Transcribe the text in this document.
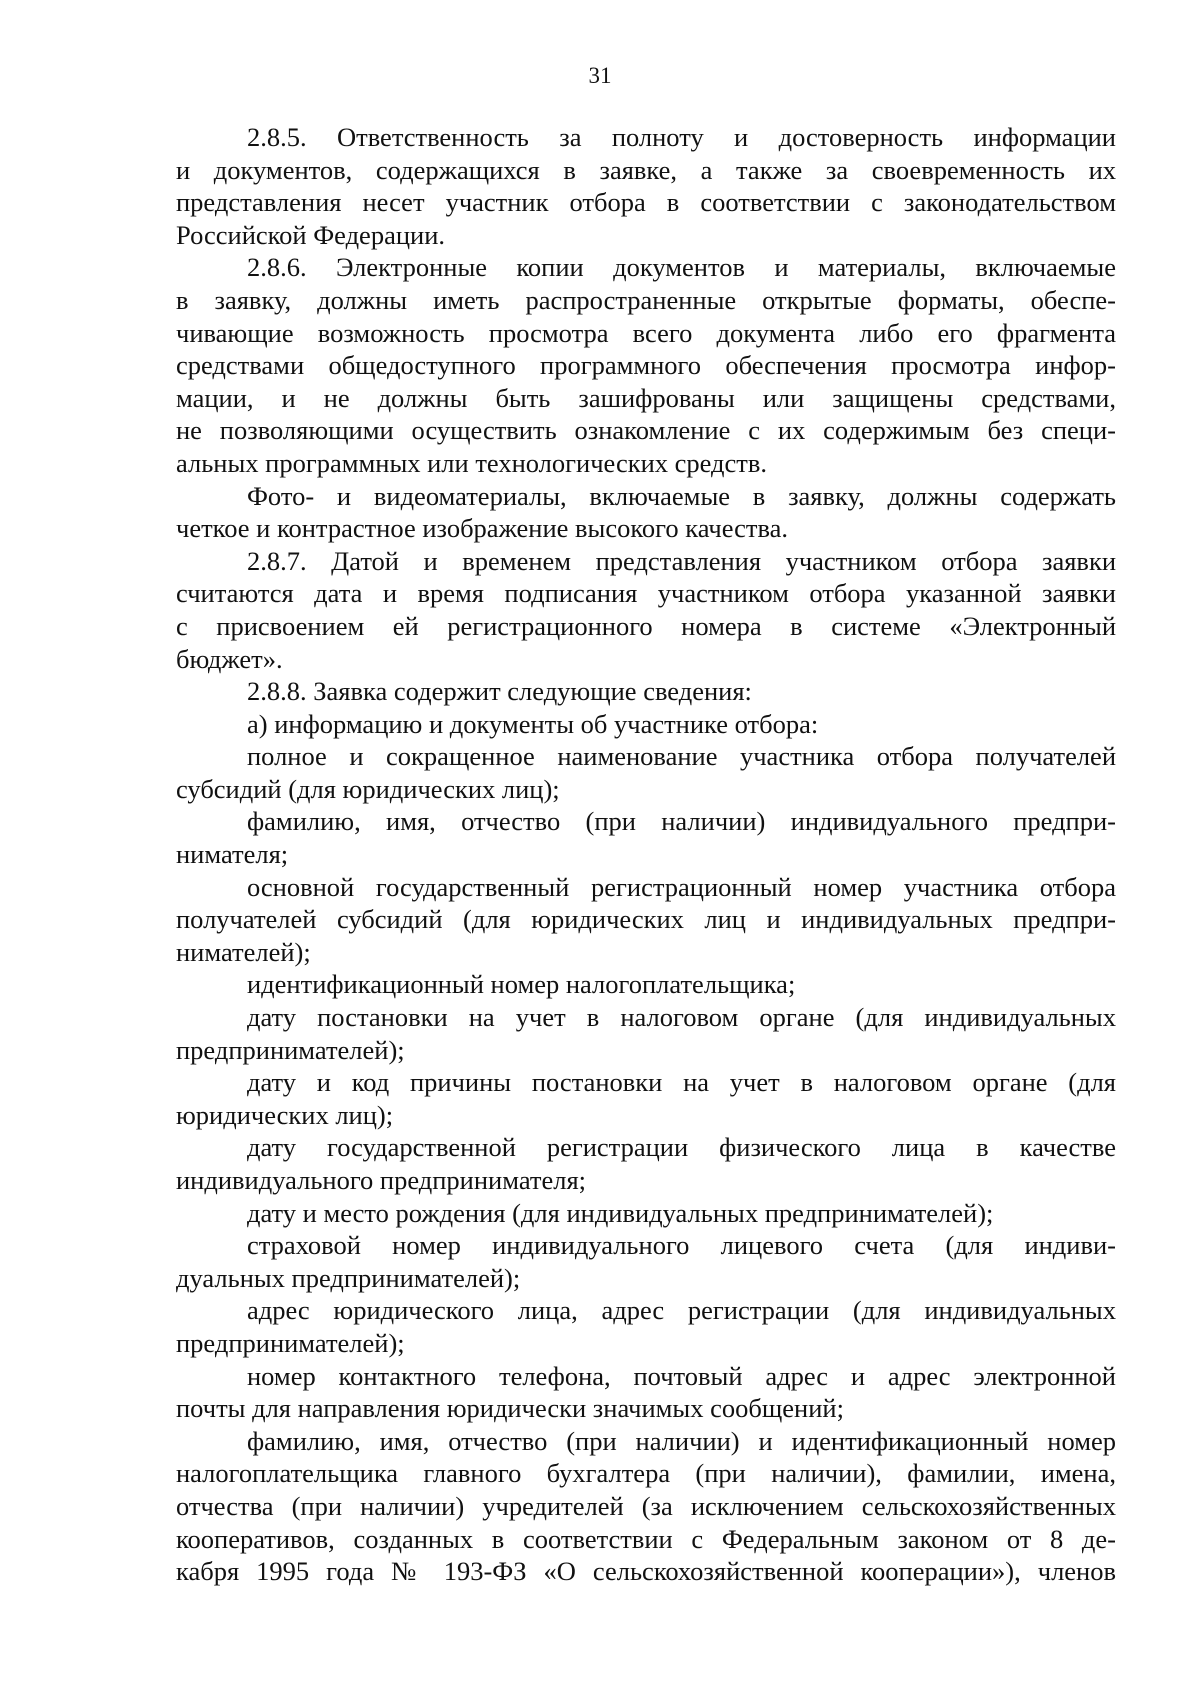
31
2.8.5. Ответственность за полноту и достоверность информации
и документов, содержащихся в заявке, а также за своевременность их
представления несет участник отбора в соответствии с законодательством
Российской Федерации.
2.8.6. Электронные копии документов и материалы, включаемые
в заявку, должны иметь распространенные открытые форматы, обеспе-
чивающие возможность просмотра всего документа либо его фрагмента
средствами общедоступного программного обеспечения просмотра инфор-
мации, и не должны быть зашифрованы или защищены средствами,
не позволяющими осуществить ознакомление с их содержимым без специ-
альных программных или технологических средств.
Фото- и видеоматериалы, включаемые в заявку, должны содержать
четкое и контрастное изображение высокого качества.
2.8.7. Датой и временем представления участником отбора заявки
считаются дата и время подписания участником отбора указанной заявки
с присвоением ей регистрационного номера в системе «Электронный
бюджет».
2.8.8. Заявка содержит следующие сведения:
а) информацию и документы об участнике отбора:
полное и сокращенное наименование участника отбора получателей
субсидий (для юридических лиц);
фамилию, имя, отчество (при наличии) индивидуального предпри-
нимателя;
основной государственный регистрационный номер участника отбора
получателей субсидий (для юридических лиц и индивидуальных предпри-
нимателей);
идентификационный номер налогоплательщика;
дату постановки на учет в налоговом органе (для индивидуальных
предпринимателей);
дату и код причины постановки на учет в налоговом органе (для
юридических лиц);
дату государственной регистрации физического лица в качестве
индивидуального предпринимателя;
дату и место рождения (для индивидуальных предпринимателей);
страховой номер индивидуального лицевого счета (для индиви-
дуальных предпринимателей);
адрес юридического лица, адрес регистрации (для индивидуальных
предпринимателей);
номер контактного телефона, почтовый адрес и адрес электронной
почты для направления юридически значимых сообщений;
фамилию, имя, отчество (при наличии) и идентификационный номер
налогоплательщика главного бухгалтера (при наличии), фамилии, имена,
отчества (при наличии) учредителей (за исключением сельскохозяйственных
кооперативов, созданных в соответствии с Федеральным законом от 8 де-
кабря 1995 года № 193-ФЗ «О сельскохозяйственной кооперации»), членов
